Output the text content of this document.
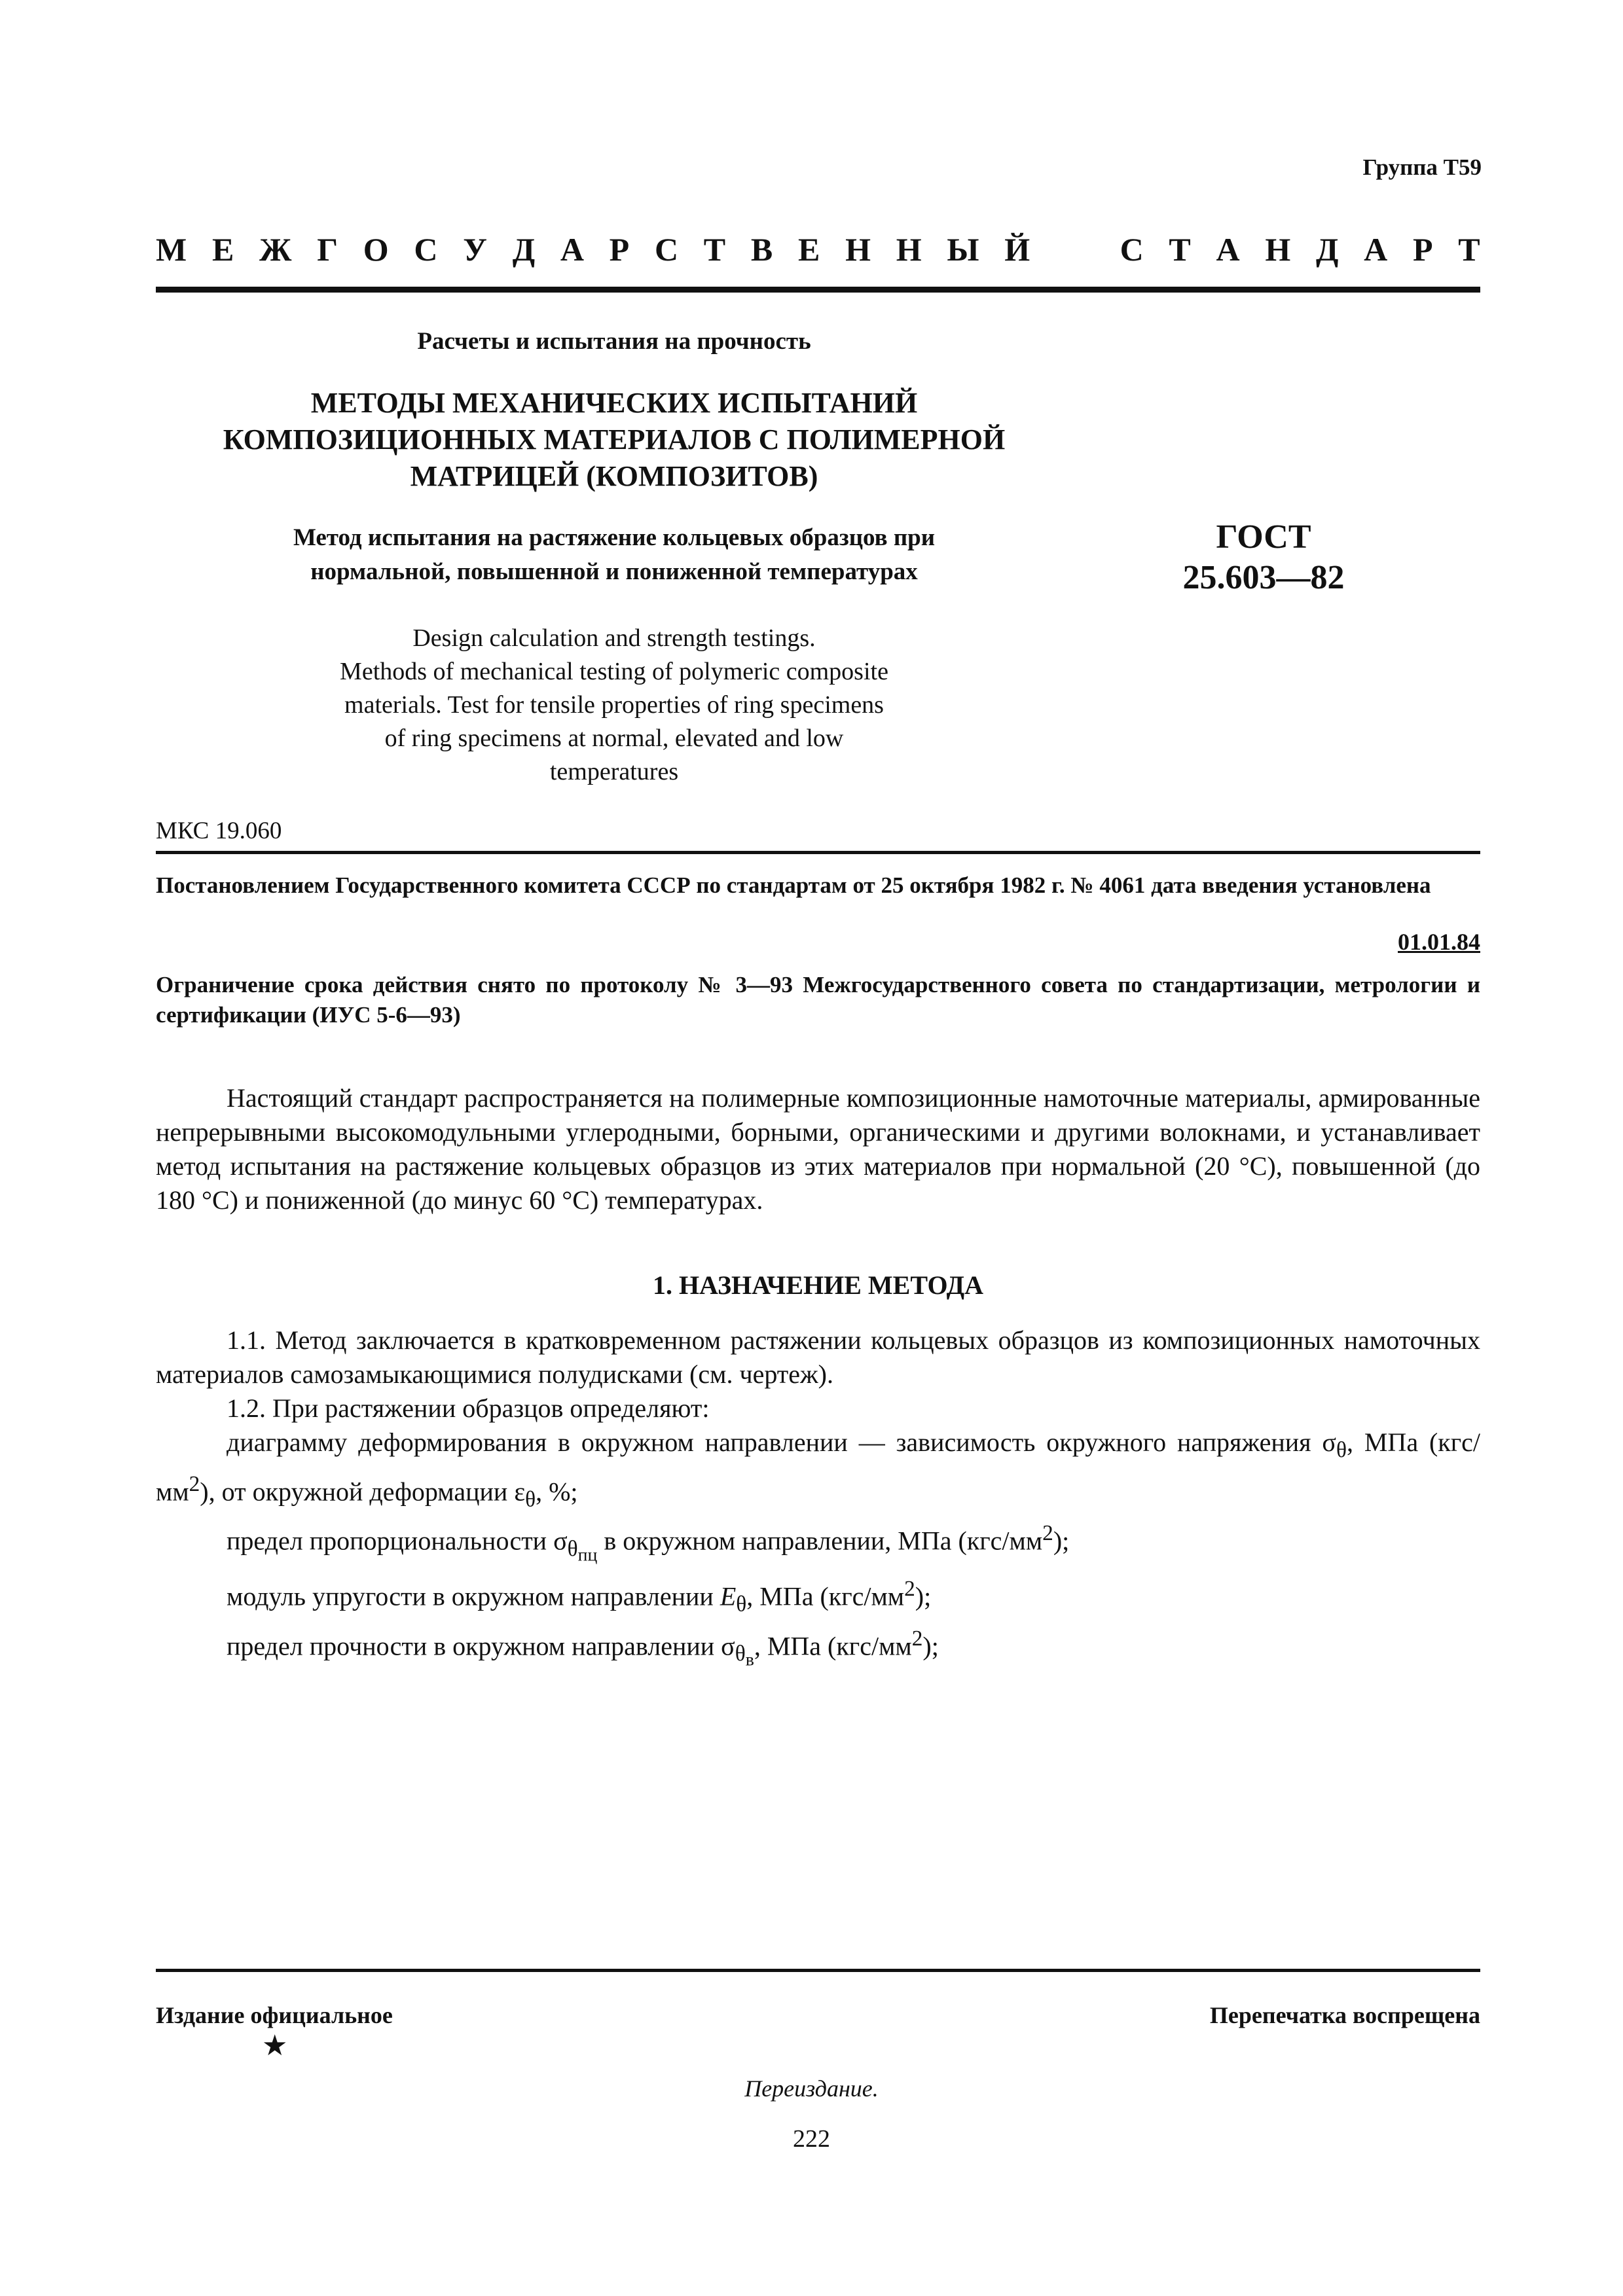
Группа Т59
М Е Ж Г О С У Д А Р С Т В Е Н Н Ы Й	С Т А Н Д А Р Т
Расчеты и испытания на прочность
МЕТОДЫ МЕХАНИЧЕСКИХ ИСПЫТАНИЙ
КОМПОЗИЦИОННЫХ МАТЕРИАЛОВ С ПОЛИМЕРНОЙ
МАТРИЦЕЙ (КОМПОЗИТОВ)
Метод испытания на растяжение кольцевых образцов при
нормальной, повышенной и пониженной температурах
ГОСТ
25.603—82
Design calculation and strength testings.
Methods of mechanical testing of polymeric composite
materials. Test for tensile properties of ring specimens
of ring specimens at normal, elevated and low
temperatures
МКС 19.060
Постановлением Государственного комитета СССР по стандартам от 25 октября 1982 г. № 4061 дата введения установлена
01.01.84
Ограничение срока действия снято по протоколу № 3—93 Межгосударственного совета по стандартизации, метрологии и сертификации (ИУС 5-6—93)
Настоящий стандарт распространяется на полимерные композиционные намоточные материалы, армированные непрерывными высокомодульными углеродными, борными, органическими и другими волокнами, и устанавливает метод испытания на растяжение кольцевых образцов из этих материалов при нормальной (20 °С), повышенной (до 180 °С) и пониженной (до минус 60 °С) температурах.
1. НАЗНАЧЕНИЕ МЕТОДА
1.1. Метод заключается в кратковременном растяжении кольцевых образцов из композиционных намоточных материалов самозамыкающимися полудисками (см. чертеж).
1.2. При растяжении образцов определяют:
диаграмму деформирования в окружном направлении — зависимость окружного напряжения $\sigma_\theta$, МПа $(кгс/мм^2)$, от окружной деформации $\varepsilon_\theta$, %;
предел пропорциональности $\sigma_{\theta_{пц}}$ в окружном направлении, МПа $(кгс/мм^2)$;
модуль упругости в окружном направлении $E_\theta$, МПа $(кгс/мм^2)$;
предел прочности в окружном направлении $\sigma_{\theta_в}$, МПа $(кгс/мм^2)$;
Издание официальное	Перепечатка воспрещена
★
Переиздание.
222
